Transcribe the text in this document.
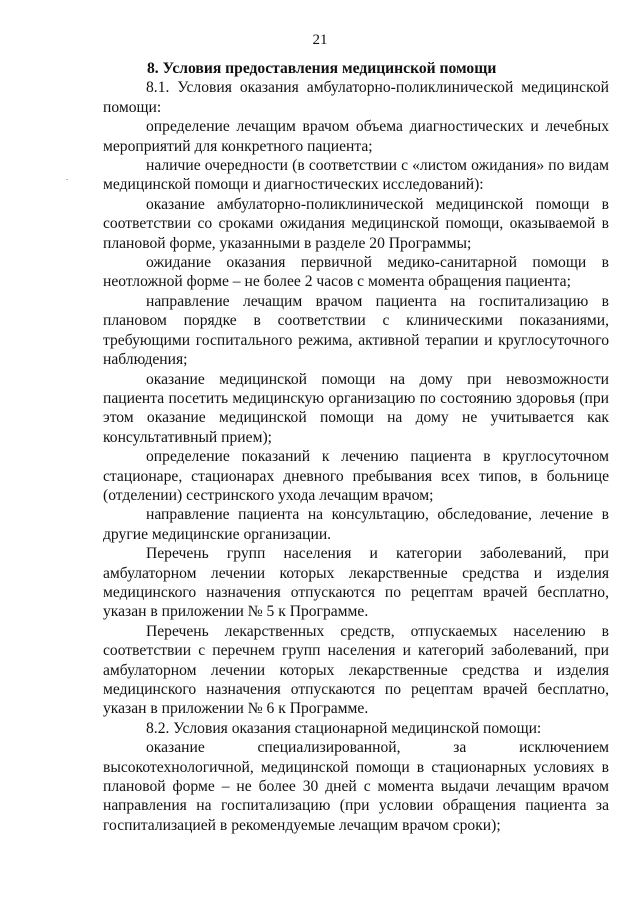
21
.

8. Условия предоставления медицинской помощи

8.1. Условия оказания амбулаторно-поликлинической медицинской помощи:

определение лечащим врачом объема диагностических и лечебных мероприятий для конкретного пациента;

наличие очередности (в соответствии с «листом ожидания» по видам медицинской помощи и диагностических исследований):

оказание амбулаторно-поликлинической медицинской помощи в соответствии со сроками ожидания медицинской помощи, оказываемой в плановой форме, указанными в разделе 20 Программы;

ожидание оказания первичной медико-санитарной помощи в неотложной форме – не более 2 часов с момента обращения пациента;

направление лечащим врачом пациента на госпитализацию в плановом порядке в соответствии с клиническими показаниями, требующими госпитального режима, активной терапии и круглосуточного наблюдения;

оказание медицинской помощи на дому при невозможности пациента посетить медицинскую организацию по состоянию здоровья (при этом оказание медицинской помощи на дому не учитывается как консультативный прием);

определение показаний к лечению пациента в круглосуточном стационаре, стационарах дневного пребывания всех типов, в больнице (отделении) сестринского ухода лечащим врачом;

направление пациента на консультацию, обследование, лечение в другие медицинские организации.

Перечень групп населения и категории заболеваний, при амбулаторном лечении которых лекарственные средства и изделия медицинского назначения отпускаются по рецептам врачей бесплатно, указан в приложении № 5 к Программе.

Перечень лекарственных средств, отпускаемых населению в соответствии с перечнем групп населения и категорий заболеваний, при амбулаторном лечении которых лекарственные средства и изделия медицинского назначения отпускаются по рецептам врачей бесплатно, указан в приложении № 6 к Программе.

8.2. Условия оказания стационарной медицинской помощи:

оказание специализированной, за исключением высокотехнологичной, медицинской помощи в стационарных условиях в плановой форме – не более 30 дней с момента выдачи лечащим врачом направления на госпитализацию (при условии обращения пациента за госпитализацией в рекомендуемые лечащим врачом сроки);
